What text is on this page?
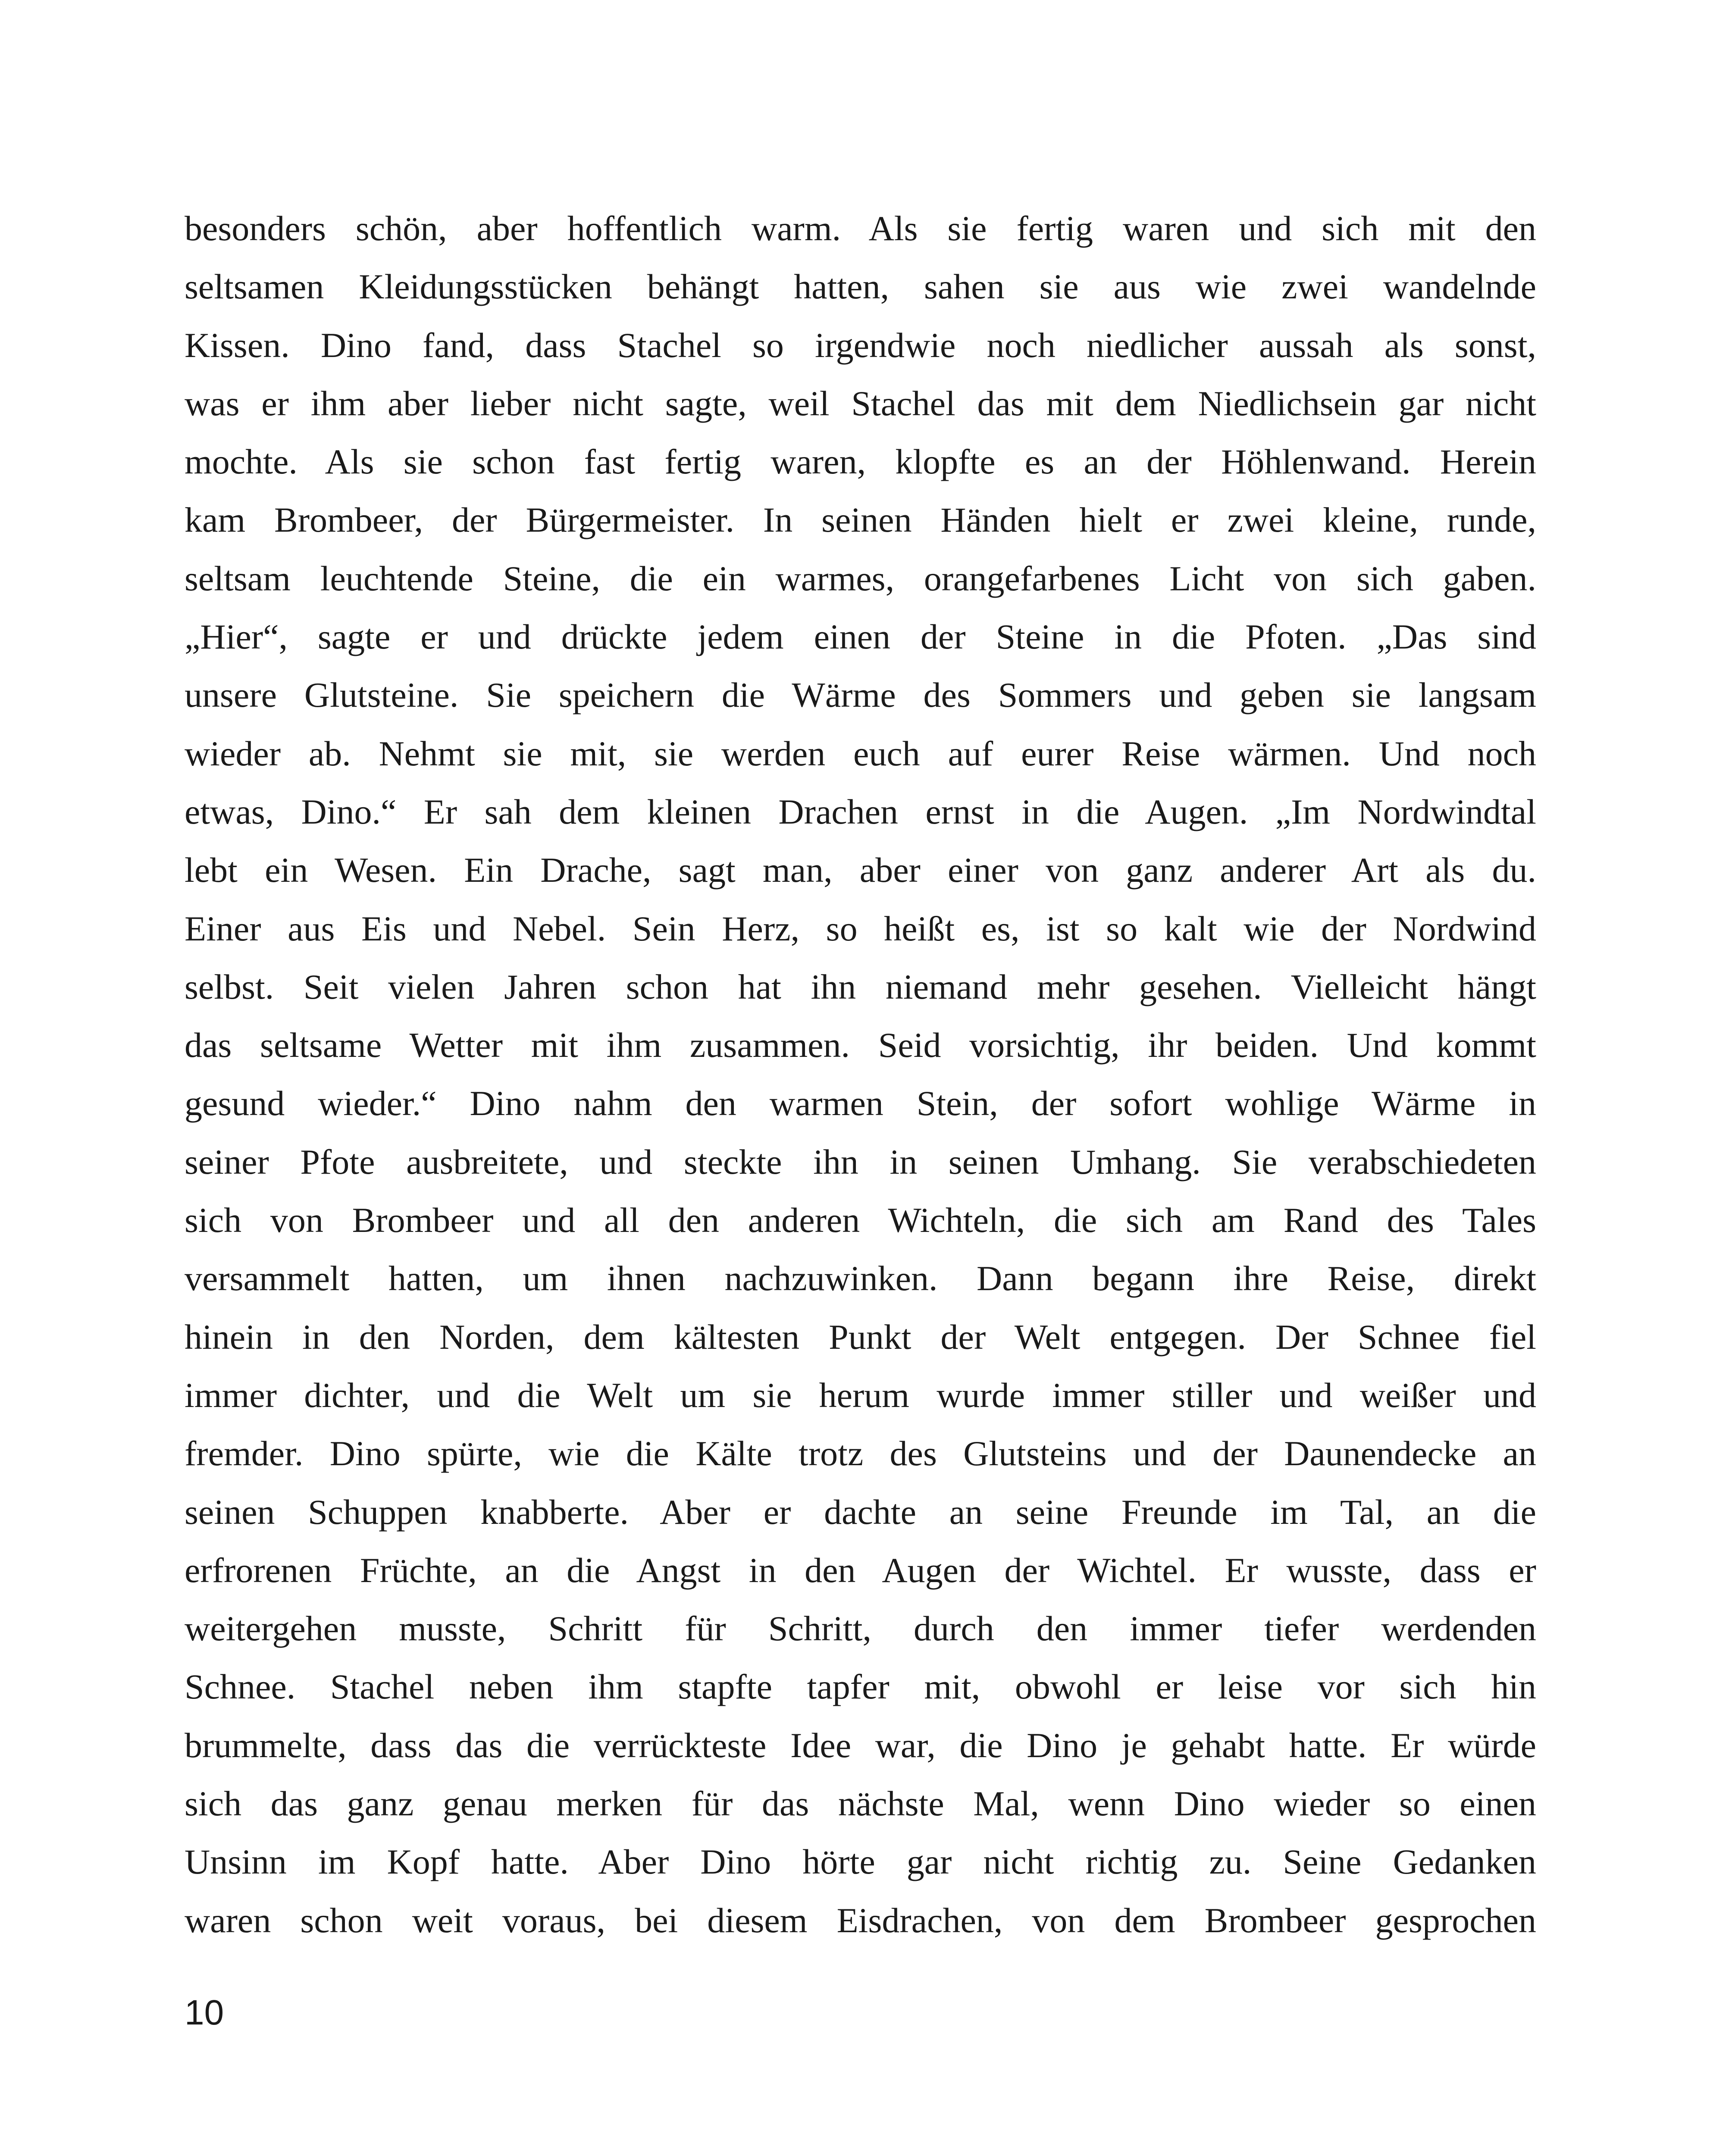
besonders schön, aber hoffentlich warm. Als sie fertig waren und sich mit den
seltsamen Kleidungsstücken behängt hatten, sahen sie aus wie zwei wandelnde
Kissen. Dino fand, dass Stachel so irgendwie noch niedlicher aussah als sonst,
was er ihm aber lieber nicht sagte, weil Stachel das mit dem Niedlichsein gar nicht
mochte. Als sie schon fast fertig waren, klopfte es an der Höhlenwand. Herein
kam Brombeer, der Bürgermeister. In seinen Händen hielt er zwei kleine, runde,
seltsam leuchtende Steine, die ein warmes, orangefarbenes Licht von sich gaben.
„Hier“, sagte er und drückte jedem einen der Steine in die Pfoten. „Das sind
unsere Glutsteine. Sie speichern die Wärme des Sommers und geben sie langsam
wieder ab. Nehmt sie mit, sie werden euch auf eurer Reise wärmen. Und noch
etwas, Dino.“ Er sah dem kleinen Drachen ernst in die Augen. „Im Nordwindtal
lebt ein Wesen. Ein Drache, sagt man, aber einer von ganz anderer Art als du.
Einer aus Eis und Nebel. Sein Herz, so heißt es, ist so kalt wie der Nordwind
selbst. Seit vielen Jahren schon hat ihn niemand mehr gesehen. Vielleicht hängt
das seltsame Wetter mit ihm zusammen. Seid vorsichtig, ihr beiden. Und kommt
gesund wieder.“ Dino nahm den warmen Stein, der sofort wohlige Wärme in
seiner Pfote ausbreitete, und steckte ihn in seinen Umhang. Sie verabschiedeten
sich von Brombeer und all den anderen Wichteln, die sich am Rand des Tales
versammelt hatten, um ihnen nachzuwinken. Dann begann ihre Reise, direkt
hinein in den Norden, dem kältesten Punkt der Welt entgegen. Der Schnee fiel
immer dichter, und die Welt um sie herum wurde immer stiller und weißer und
fremder. Dino spürte, wie die Kälte trotz des Glutsteins und der Daunendecke an
seinen Schuppen knabberte. Aber er dachte an seine Freunde im Tal, an die
erfrorenen Früchte, an die Angst in den Augen der Wichtel. Er wusste, dass er
weitergehen musste, Schritt für Schritt, durch den immer tiefer werdenden
Schnee. Stachel neben ihm stapfte tapfer mit, obwohl er leise vor sich hin
brummelte, dass das die verrückteste Idee war, die Dino je gehabt hatte. Er würde
sich das ganz genau merken für das nächste Mal, wenn Dino wieder so einen
Unsinn im Kopf hatte. Aber Dino hörte gar nicht richtig zu. Seine Gedanken
waren schon weit voraus, bei diesem Eisdrachen, von dem Brombeer gesprochen

10
